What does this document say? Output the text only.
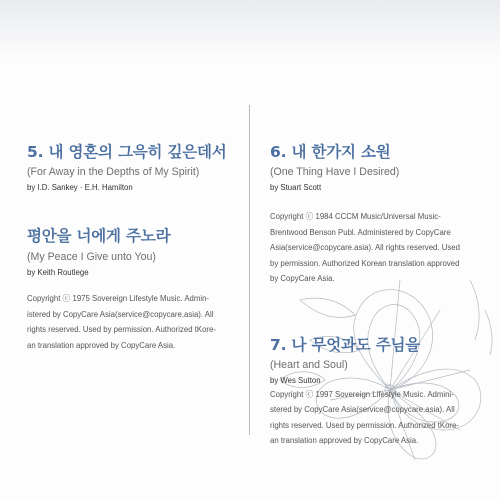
5. 내 영혼의 그윽히 깊은데서

(For Away in the Depths of My Spirit)

by I.D. Sankey · E.H. Hamilton

평안을 너에게 주노라

(My Peace I Give unto You)

by Keith Routlege

Copyright ⓒ 1975 Sovereign Lifestyle Music. Admin-

istered by CopyCare Asia(service@copycare.asia). All

rights reserved. Used by permission. Authorized tKore-

an translation approved by CopyCare Asia.

6. 내 한가지 소원

(One Thing Have I Desired)

by Stuart Scott

Copyright ⓒ 1984 CCCM Music/Universal Music-

Brentwood Benson Publ. Administered by CopyCare

Asia(service@copycare.asia). All rights reserved. Used

by permission. Authorized Korean translation approved

by CopyCare Asia.

7. 나 무엇과도 주님을

(Heart and Soul)

by Wes Sutton

Copyright ⓒ 1997 Sovereign Lifestyle Music. Admini-

stered by CopyCare Asia(service@copycare.asia). All

rights reserved. Used by permission. Authorized tKore-

an translation approved by CopyCare Asia.
